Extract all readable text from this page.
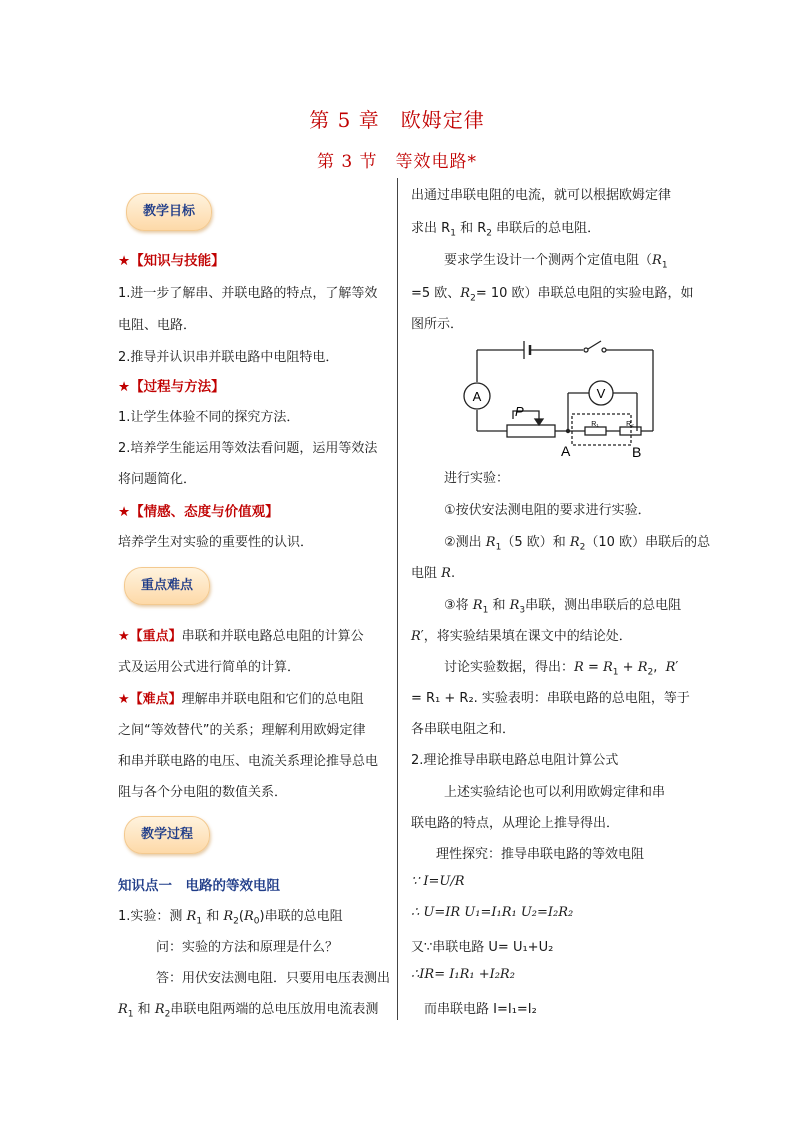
第 5 章　欧姆定律
第 3 节　等效电路*
教学目标
★【知识与技能】
1.进一步了解串、并联电路的特点，了解等效
电阻、电路．
2.推导并认识串并联电路中电阻特电．
★【过程与方法】
1.让学生体验不同的探究方法．
2.培养学生能运用等效法看问题，运用等效法
将问题简化．
★【情感、态度与价值观】
培养学生对实验的重要性的认识．
重点难点
★【重点】串联和并联电路总电阻的计算公
式及运用公式进行简单的计算．
★【难点】理解串并联电阻和它们的总电阻
之间“等效替代”的关系；理解利用欧姆定律
和串并联电路的电压、电流关系理论推导总电
阻与各个分电阻的数值关系．
教学过程
知识点一　电路的等效电阻
1.实验：测 $R_1$ 和 $R_2(R_0)$串联的总电阻
问：实验的方法和原理是什么？
答：用伏安法测电阻．只要用电压表测出
$R_1$ 和 $R_2$串联电阻两端的总电压放用电流表测
出通过串联电阻的电流，就可以根据欧姆定律
求出 $R_1$ 和 $R_2$ 串联后的总电阻．
要求学生设计一个测两个定值电阻（$R_1$
=5 欧、$R_2= 10$ 欧）串联总电阻的实验电路，如
图所示．
A	V
P
R₁	R₂
A	B
进行实验：
①按伏安法测电阻的要求进行实验．
②测出 $R_1(5$ 欧）和 $R_2(10$ 欧）串联后的总
电阻 R.
③将 $R_1$ 和 $R_3$串联，测出串联后的总电阻
R′，将实验结果填在课文中的结论处．
讨论实验数据，得出：$R = R_1 + R_2$,  R′
= R₁ + R₂. 实验表明：串联电路的总电阻，等于
各串联电阻之和．
2.理论推导串联电路总电阻计算公式
上述实验结论也可以利用欧姆定律和串
联电路的特点，从理论上推导得出．
理性探究：推导串联电路的等效电阻
∵ I=U/R
∴ U=IR U₁=I₁R₁ U₂=I₂R₂
又∵串联电路 U= U₁+U₂
∴IR= I₁R₁ +I₂R₂
而串联电路 I=I₁=I₂
